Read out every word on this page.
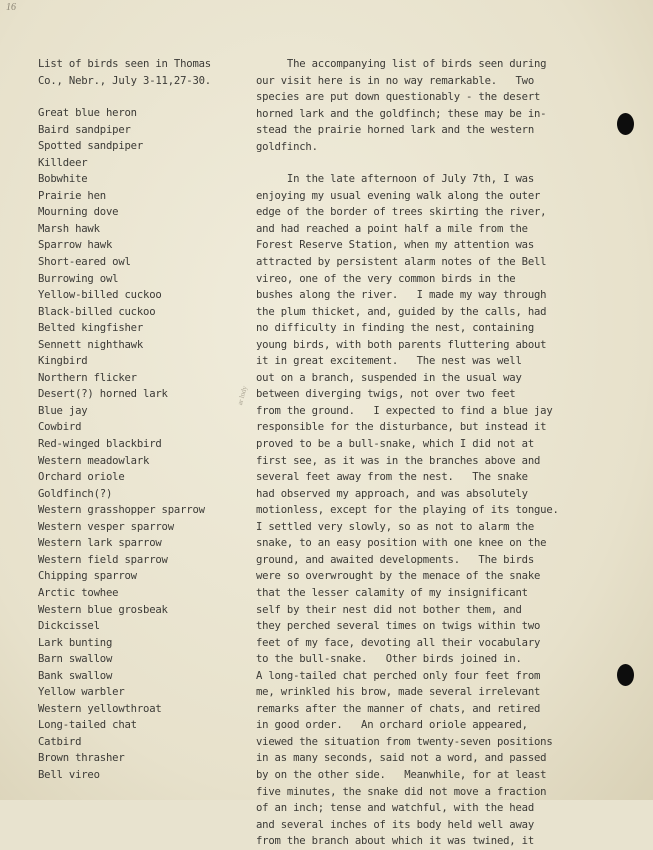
16
List of birds seen in Thomas
Co., Nebr., July 3-11,27-30.
Great blue heron
Baird sandpiper
Spotted sandpiper
Killdeer
Bobwhite
Prairie hen
Mourning dove
Marsh hawk
Sparrow hawk
Short-eared owl
Burrowing owl
Yellow-billed cuckoo
Black-billed cuckoo
Belted kingfisher
Sennett nighthawk
Kingbird
Northern flicker
Desert(?) horned lark
Blue jay
Cowbird
Red-winged blackbird
Western meadowlark
Orchard oriole
Goldfinch(?)
Western grasshopper sparrow
Western vesper sparrow
Western lark sparrow
Western field sparrow
Chipping sparrow
Arctic towhee
Western blue grosbeak
Dickcissel
Lark bunting
Barn swallow
Bank swallow
Yellow warbler
Western yellowthroat
Long-tailed chat
Catbird
Brown thrasher
Bell vireo
ar lndy
The accompanying list of birds seen during
our visit here is in no way remarkable.   Two
species are put down questionably - the desert
horned lark and the goldfinch; these may be in-
stead the prairie horned lark and the western
goldfinch.
In the late afternoon of July 7th, I was
enjoying my usual evening walk along the outer
edge of the border of trees skirting the river,
and had reached a point half a mile from the
Forest Reserve Station, when my attention was
attracted by persistent alarm notes of the Bell
vireo, one of the very common birds in the
bushes along the river.   I made my way through
the plum thicket, and, guided by the calls, had
no difficulty in finding the nest, containing
young birds, with both parents fluttering about
it in great excitement.   The nest was well
out on a branch, suspended in the usual way
between diverging twigs, not over two feet
from the ground.   I expected to find a blue jay
responsible for the disturbance, but instead it
proved to be a bull-snake, which I did not at
first see, as it was in the branches above and
several feet away from the nest.   The snake
had observed my approach, and was absolutely
motionless, except for the playing of its tongue.
I settled very slowly, so as not to alarm the
snake, to an easy position with one knee on the
ground, and awaited developments.   The birds
were so overwrought by the menace of the snake
that the lesser calamity of my insignificant
self by their nest did not bother them, and
they perched several times on twigs within two
feet of my face, devoting all their vocabulary
to the bull-snake.   Other birds joined in.
A long-tailed chat perched only four feet from
me, wrinkled his brow, made several irrelevant
remarks after the manner of chats, and retired
in good order.   An orchard oriole appeared,
viewed the situation from twenty-seven positions
in as many seconds, said not a word, and passed
by on the other side.   Meanwhile, for at least
five minutes, the snake did not move a fraction
of an inch; tense and watchful, with the head
and several inches of its body held well away
from the branch about which it was twined, it
